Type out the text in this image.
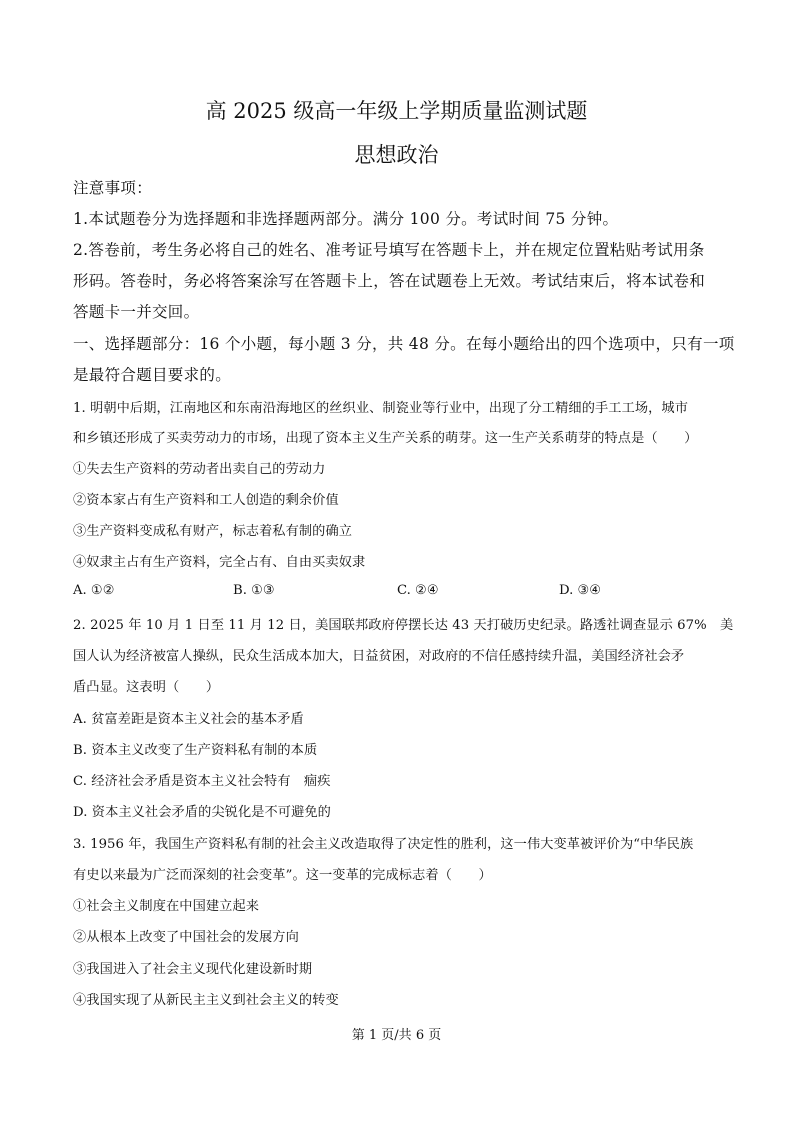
高 2025 级高一年级上学期质量监测试题
思想政治
注意事项：
1.本试题卷分为选择题和非选择题两部分。满分 100 分。考试时间 75 分钟。
2.答卷前，考生务必将自己的姓名、准考证号填写在答题卡上，并在规定位置粘贴考试用条
形码。答卷时，务必将答案涂写在答题卡上，答在试题卷上无效。考试结束后，将本试卷和
答题卡一并交回。
一、选择题部分：16 个小题，每小题 3 分，共 48 分。在每小题给出的四个选项中，只有一项
是最符合题目要求的。
1. 明朝中后期，江南地区和东南沿海地区的丝织业、制瓷业等行业中，出现了分工精细的手工工场，城市
和乡镇还形成了买卖劳动力的市场，出现了资本主义生产关系的萌芽。这一生产关系萌芽的特点是（　　）
①失去生产资料的劳动者出卖自己的劳动力
②资本家占有生产资料和工人创造的剩余价值
③生产资料变成私有财产，标志着私有制的确立
④奴隶主占有生产资料，完全占有、自由买卖奴隶
A. ①②	B. ①③	C. ②④	D. ③④
2. 2025 年 10 月 1 日至 11 月 12 日，美国联邦政府停摆长达 43 天打破历史纪录。路透社调查显示 67%　美
国人认为经济被富人操纵，民众生活成本加大，日益贫困，对政府的不信任感持续升温，美国经济社会矛
盾凸显。这表明（　　）
A. 贫富差距是资本主义社会的基本矛盾
B. 资本主义改变了生产资料私有制的本质
C. 经济社会矛盾是资本主义社会特有　痼疾
D. 资本主义社会矛盾的尖锐化是不可避免的
3. 1956 年，我国生产资料私有制的社会主义改造取得了决定性的胜利，这一伟大变革被评价为“中华民族
有史以来最为广泛而深刻的社会变革”。这一变革的完成标志着（　　）
①社会主义制度在中国建立起来
②从根本上改变了中国社会的发展方向
③我国进入了社会主义现代化建设新时期
④我国实现了从新民主主义到社会主义的转变
第 1 页/共 6 页
